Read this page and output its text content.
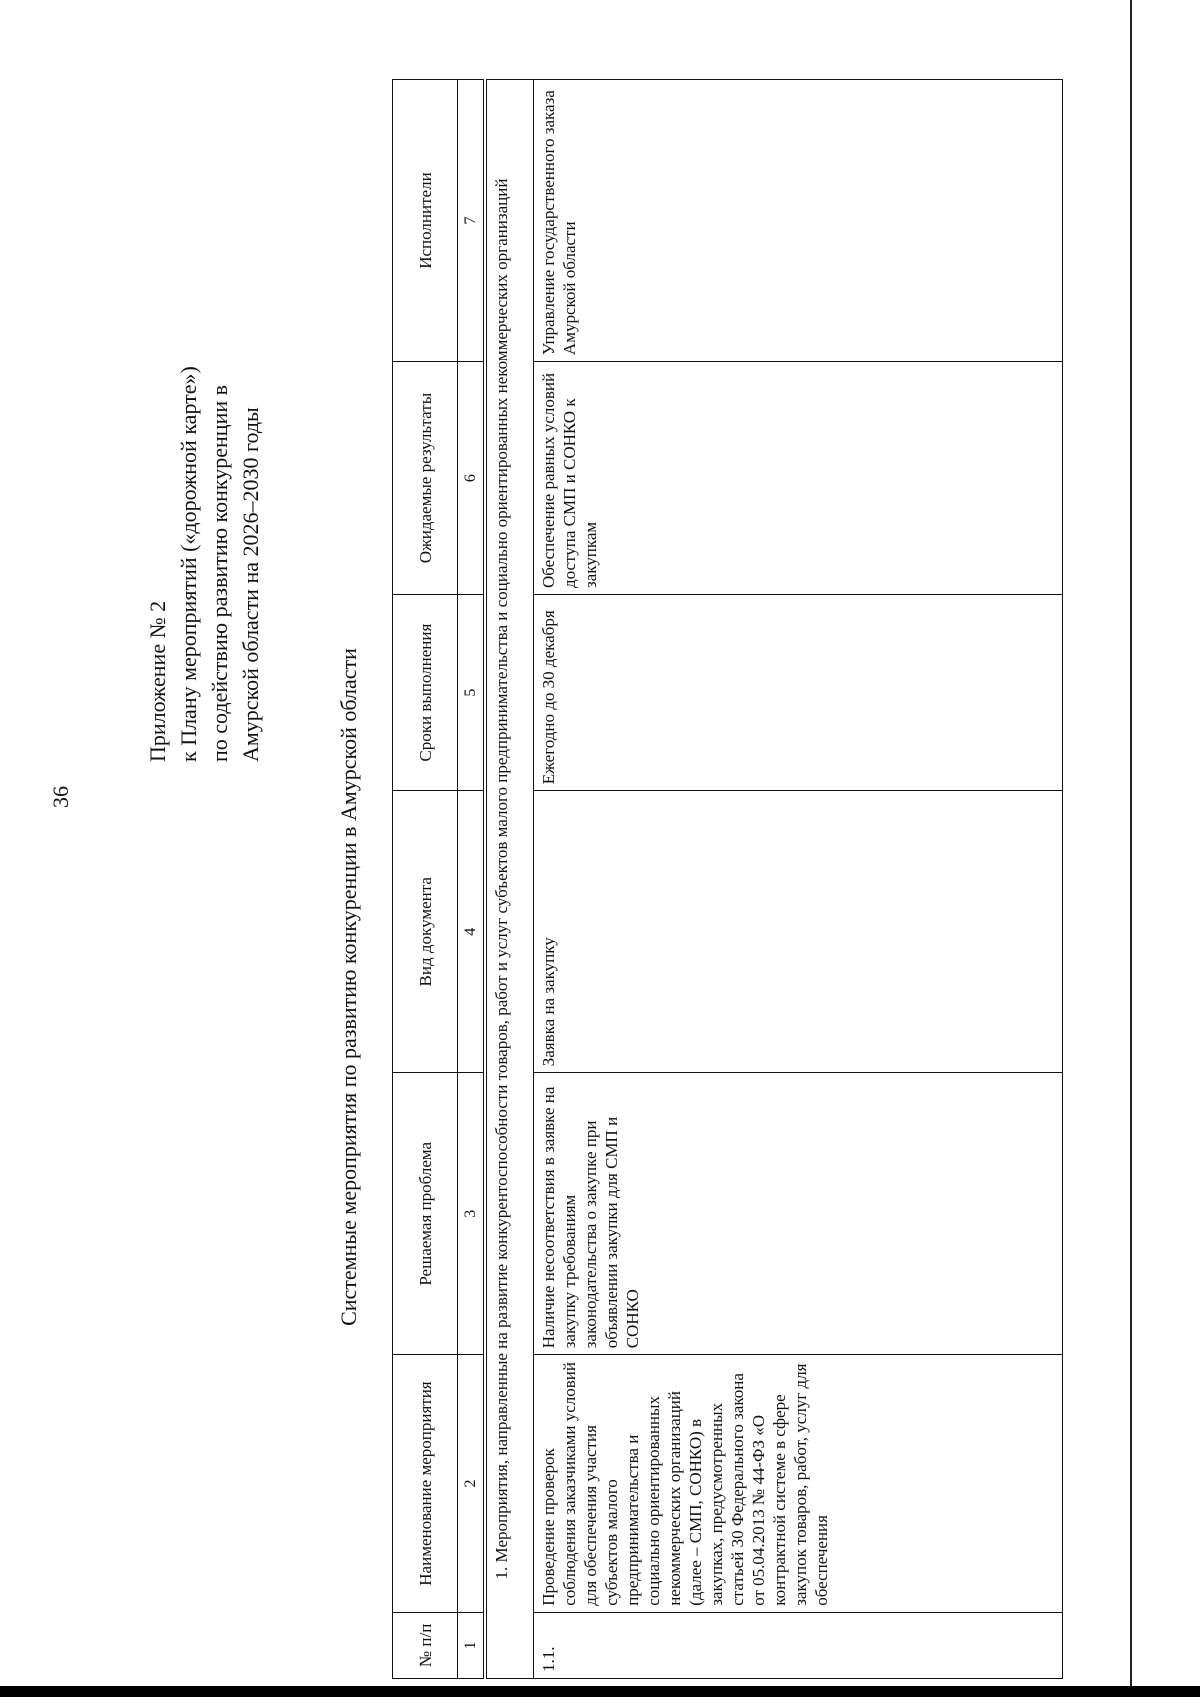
36
Приложение № 2 к Плану мероприятий («дорожной карте») по содействию развитию конкуренции в Амурской области на 2026–2030 годы
Системные мероприятия по развитию конкуренции в Амурской области
№ п/п	Наименование мероприятия	Решаемая проблема	Вид документа	Сроки выполнения	Ожидаемые результаты	Исполнители
1	2	3	4	5	6	7
1. Мероприятия, направленные на развитие конкурентоспособности товаров, работ и услуг субъектов малого предпринимательства и социально ориентированных некоммерческих организаций						
1.1.	Проведение проверок соблюдения заказчиками условий для обеспечения участия субъектов малого предпринимательства и социально ориентированных некоммерческих организаций (далее – СМП, СОНКО) в закупках, предусмотренных статьей 30 Федерального закона от 05.04.2013 № 44-ФЗ «О контрактной системе в сфере закупок товаров, работ, услуг для обеспечения	Наличие несоответствия в заявке на закупку требованиям законодательства о закупке при объявлении закупки для СМП и СОНКО	Заявка на закупку	Ежегодно до 30 декабря	Обеспечение равных условий доступа СМП и СОНКО к закупкам	Управление государственного заказа Амурской области
